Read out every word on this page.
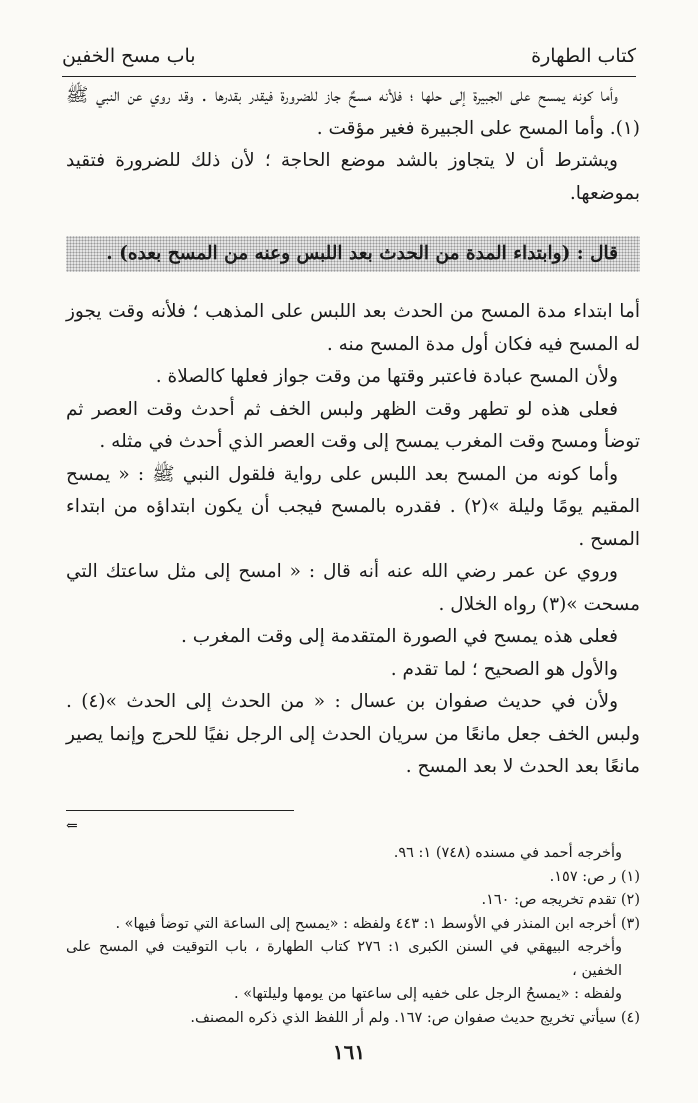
كتاب الطهارة
باب مسح الخفين

وأما كونه يمسح على الجبيرة إلى حلها ؛ فلأنه مسحٌ جاز للضرورة فيقدر بقدرها . وقد روي عن النبي ﷺ (١). وأما المسح على الجبيرة فغير مؤقت .

ويشترط أن لا يتجاوز بالشد موضع الحاجة ؛ لأن ذلك للضرورة فتقيد بموضعها.

قال : (وابتداء المدة من الحدث بعد اللبس وعنه من المسح بعده) .

أما ابتداء مدة المسح من الحدث بعد اللبس على المذهب ؛ فلأنه وقت يجوز له المسح فيه فكان أول مدة المسح منه .

ولأن المسح عبادة فاعتبر وقتها من وقت جواز فعلها كالصلاة .

فعلى هذه لو تطهر وقت الظهر ولبس الخف ثم أحدث وقت العصر ثم توضأ ومسح وقت المغرب يمسح إلى وقت العصر الذي أحدث في مثله .

وأما كونه من المسح بعد اللبس على رواية فلقول النبي ﷺ : « يمسح المقيم يومًا وليلة »(٢) . فقدره بالمسح فيجب أن يكون ابتداؤه من ابتداء المسح .

وروي عن عمر رضي الله عنه أنه قال : « امسح إلى مثل ساعتك التي مسحت »(٣) رواه الخلال .

فعلى هذه يمسح في الصورة المتقدمة إلى وقت المغرب .

والأول هو الصحيح ؛ لما تقدم .

ولأن في حديث صفوان بن عسال : « من الحدث إلى الحدث »(٤) . ولبس الخف جعل مانعًا من سريان الحدث إلى الرجل نفيًا للحرج وإنما يصير مانعًا بعد الحدث لا بعد المسح .

⇐

وأخرجه أحمد في مسنده (٧٤٨) ١: ٩٦.

(١) ر ص: ١٥٧.

(٢) تقدم تخريجه ص: ١٦٠.

(٣) أخرجه ابن المنذر في الأوسط ١: ٤٤٣ ولفظه : «يمسح إلى الساعة التي توضأ فيها» .

وأخرجه البيهقي في السنن الكبرى ١: ٢٧٦ كتاب الطهارة ، باب التوقيت في المسح على الخفين ،

ولفظه : «يمسحُ الرجل على خفيه إلى ساعتها من يومها وليلتها» .

(٤) سيأتي تخريج حديث صفوان ص: ١٦٧. ولم أر اللفظ الذي ذكره المصنف.

١٦١
